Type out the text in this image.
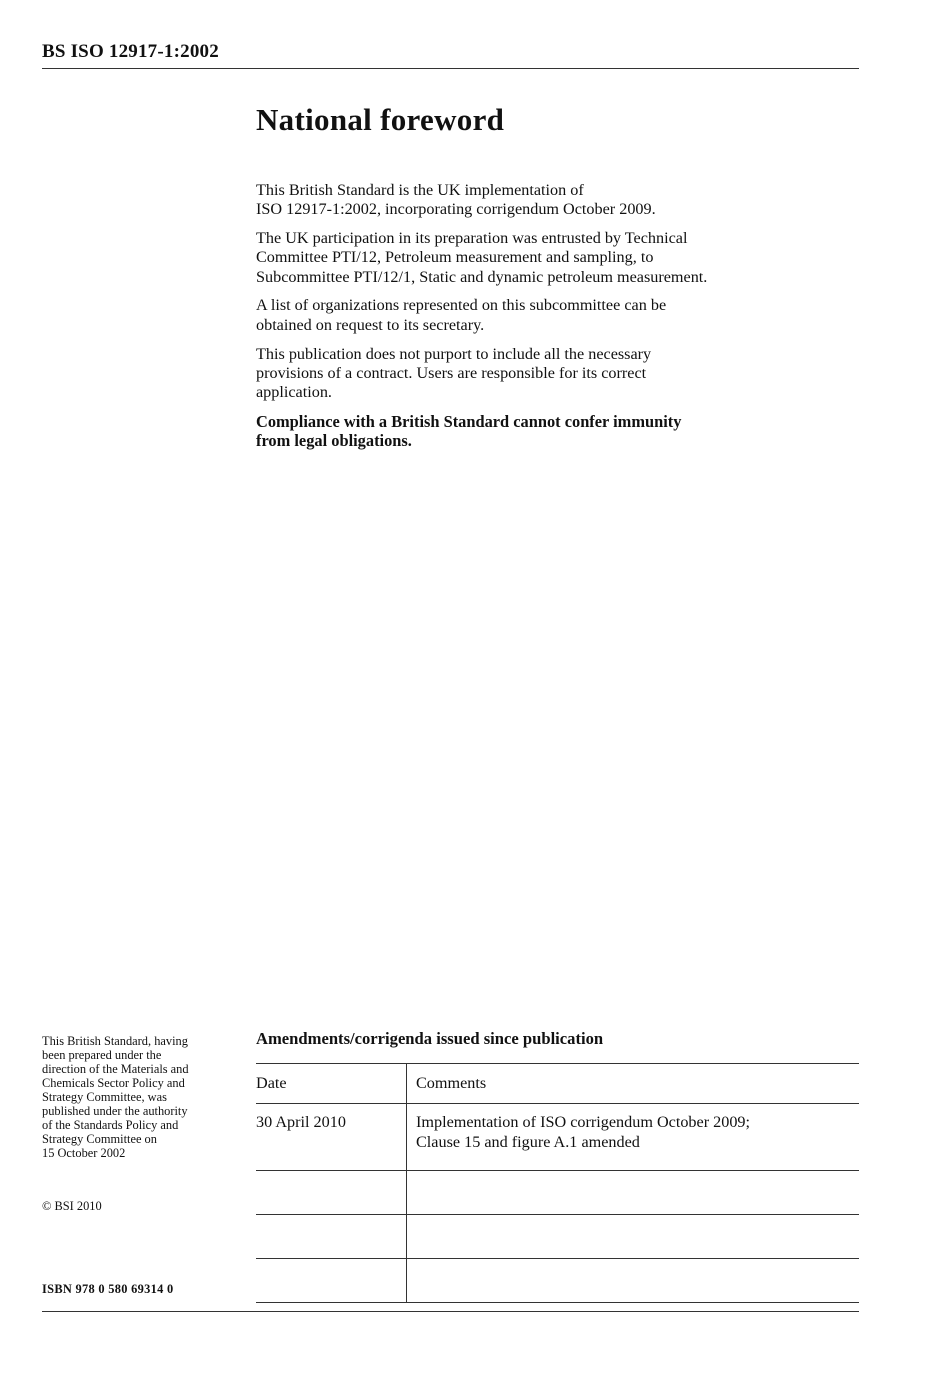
BS ISO 12917-1:2002
National foreword

This British Standard is the UK implementation of
ISO 12917-1:2002, incorporating corrigendum October 2009.

The UK participation in its preparation was entrusted by Technical
Committee PTI/12, Petroleum measurement and sampling, to
Subcommittee PTI/12/1, Static and dynamic petroleum measurement.

A list of organizations represented on this subcommittee can be
obtained on request to its secretary.

This publication does not purport to include all the necessary
provisions of a contract. Users are responsible for its correct
application.

Compliance with a British Standard cannot confer immunity
from legal obligations.

This British Standard, having
been prepared under the
direction of the Materials and
Chemicals Sector Policy and
Strategy Committee, was
published under the authority
of the Standards Policy and
Strategy Committee on
15 October 2002
© BSI 2010
ISBN 978 0 580 69314 0
Amendments/corrigenda issued since publication
Date	Comments
30 April 2010	Implementation of ISO corrigendum October 2009;
Clause 15 and figure A.1 amended
